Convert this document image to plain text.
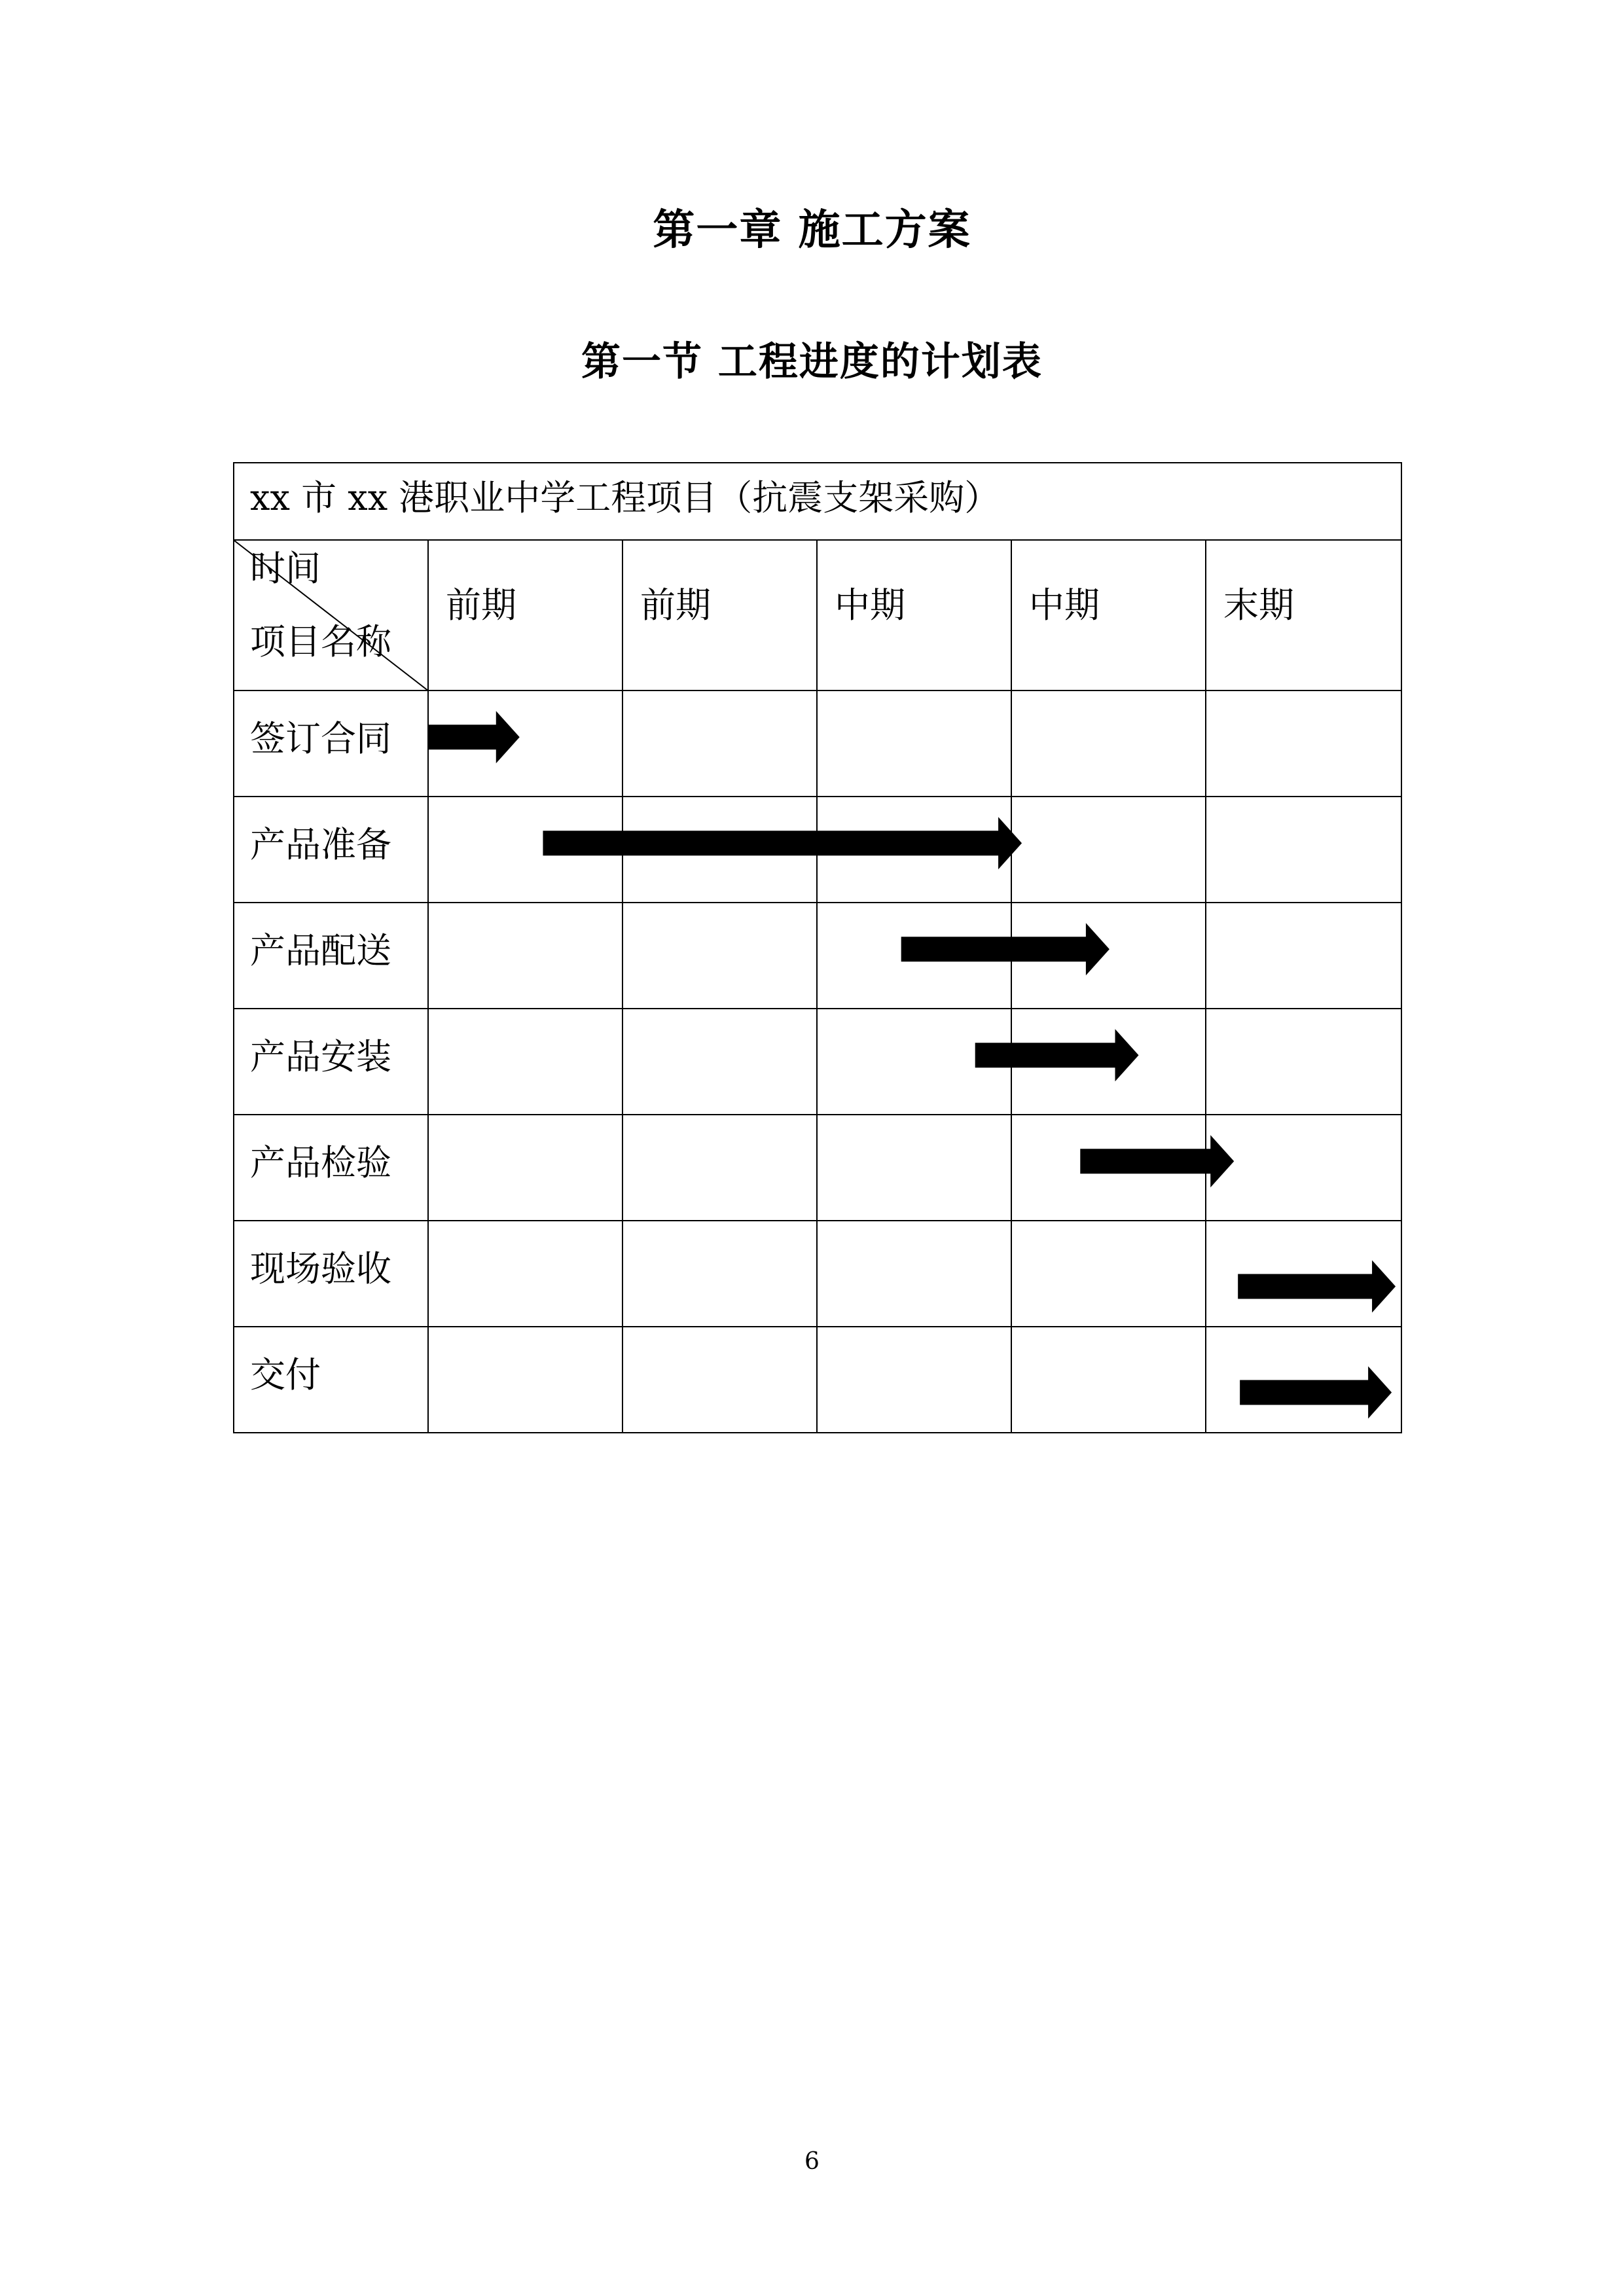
第一章 施工方案
第一节 工程进度的计划表
xx 市 xx 港职业中学工程项目（抗震支架采购）					

时间
项目名称	前期	前期	中期	中期	末期

签订合同					

产品准备					

产品配送					

产品安装					

产品检验					

现场验收					

交付					

6
